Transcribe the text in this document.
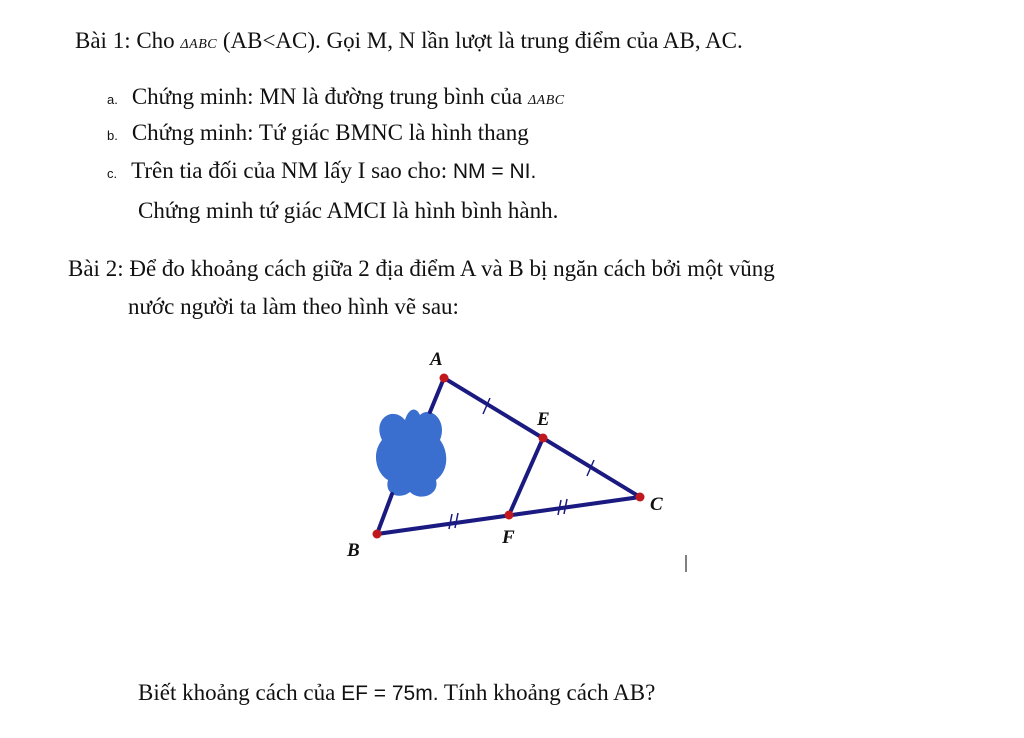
Bài 1: Cho ΔABC (AB<AC). Gọi M, N lần lượt là trung điểm của AB, AC.
a. Chứng minh: MN là đường trung bình của ΔABC
b. Chứng minh: Tứ giác BMNC là hình thang
c. Trên tia đối của NM lấy I sao cho: NM = NI.
Chứng minh tứ giác AMCI là hình bình hành.
Bài 2: Để đo khoảng cách giữa 2 địa điểm A và B bị ngăn cách bởi một vũng
nước người ta làm theo hình vẽ sau:
A
E
C
F
B
Biết khoảng cách của EF = 75m. Tính khoảng cách AB?
